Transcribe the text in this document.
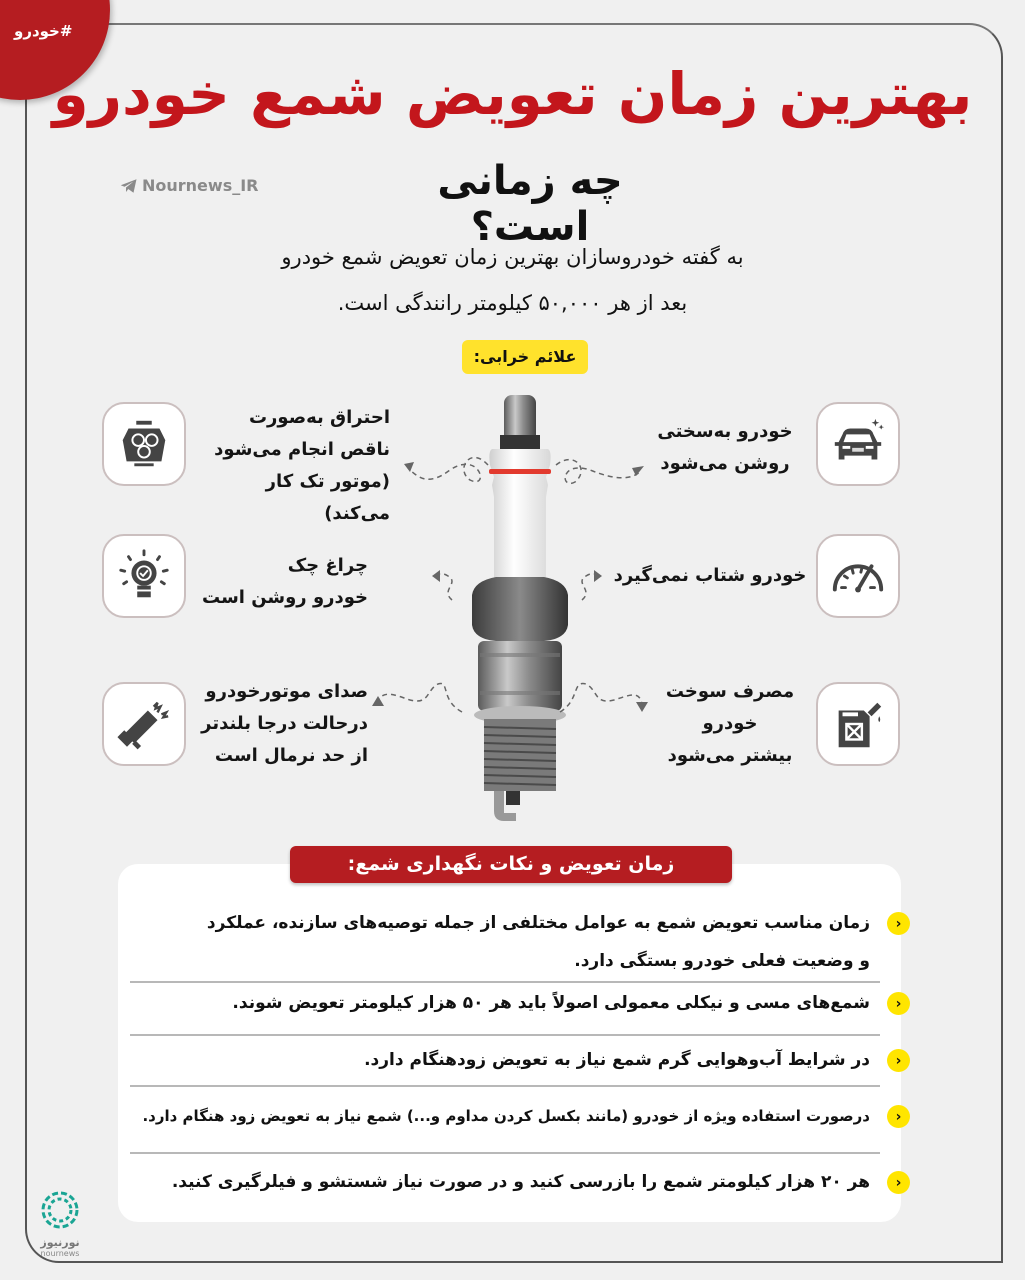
#خودرو
بهترین زمان تعویض شمع خودرو
چه زمانی است؟
Nournews_IR
به گفته خودروسازان بهترین زمان تعویض شمع خودرو
بعد از هر ۵۰,۰۰۰ کیلومتر رانندگی است.
علائم خرابی:
احتراق به‌صورت
ناقص انجام می‌شود
(موتور تک کار می‌کند)
چراغ چک
خودرو روشن است
صدای موتورخودرو
درحالت درجا بلندتر
از حد نرمال است
خودرو به‌سختی
روشن می‌شود
خودرو شتاب نمی‌گیرد
مصرف سوخت
خودرو
بیشتر می‌شود
زمان تعویض و نکات نگهداری شمع:
‹
زمان مناسب تعویض شمع به عوامل مختلفی از جمله توصیه‌های سازنده، عملکرد
و وضعیت فعلی خودرو بستگی دارد.
‹
شمع‌های مسی و نیکلی معمولی اصولاً باید هر ۵۰ هزار کیلومتر تعویض شوند.
‹
در شرایط آب‌وهوایی گرم شمع نیاز به تعویض زودهنگام دارد.
‹
درصورت استفاده ویژه از خودرو (مانند بکسل کردن مداوم و...) شمع نیاز به تعویض زود هنگام دارد.
‹
هر ۲۰ هزار کیلومتر شمع را بازرسی کنید و در صورت نیاز شستشو و فیلرگیری کنید.
نورنیوز
nournews
